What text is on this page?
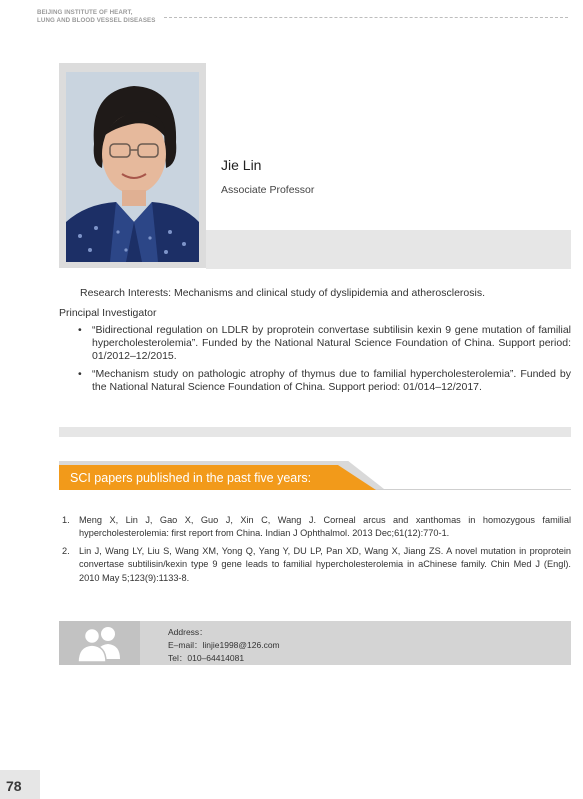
BEIJING INSTITUTE OF HEART,
LUNG AND BLOOD VESSEL DISEASES
Jie Lin
Associate Professor
Research Interests: Mechanisms and clinical study of dyslipidemia and atherosclerosis.
Principal Investigator
• “Bidirectional regulation on LDLR by proprotein convertase subtilisin kexin 9 gene mutation of familial hypercholesterolemia”. Funded by the National Natural Science Foundation of China. Support period: 01/2012–12/2015.
• “Mechanism study on pathologic atrophy of thymus due to familial hypercholesterolemia”. Funded by the National Natural Science Foundation of China. Support period: 01/014–12/2017.
SCI papers published in the past five years:
1. Meng X, Lin J, Gao X, Guo J, Xin C, Wang J. Corneal arcus and xanthomas in homozygous familial hypercholesterolemia: first report from China. Indian J Ophthalmol. 2013 Dec;61(12):770-1.
2. Lin J, Wang LY, Liu S, Wang XM, Yong Q, Yang Y, DU LP, Pan XD, Wang X, Jiang ZS. A novel mutation in proprotein convertase subtilisin/kexin type 9 gene leads to familial hypercholesterolemia in aChinese family. Chin Med J (Engl). 2010 May 5;123(9):1133-8.
Address：
E–mail：linjie1998@126.com
Tel：010–64414081
78
